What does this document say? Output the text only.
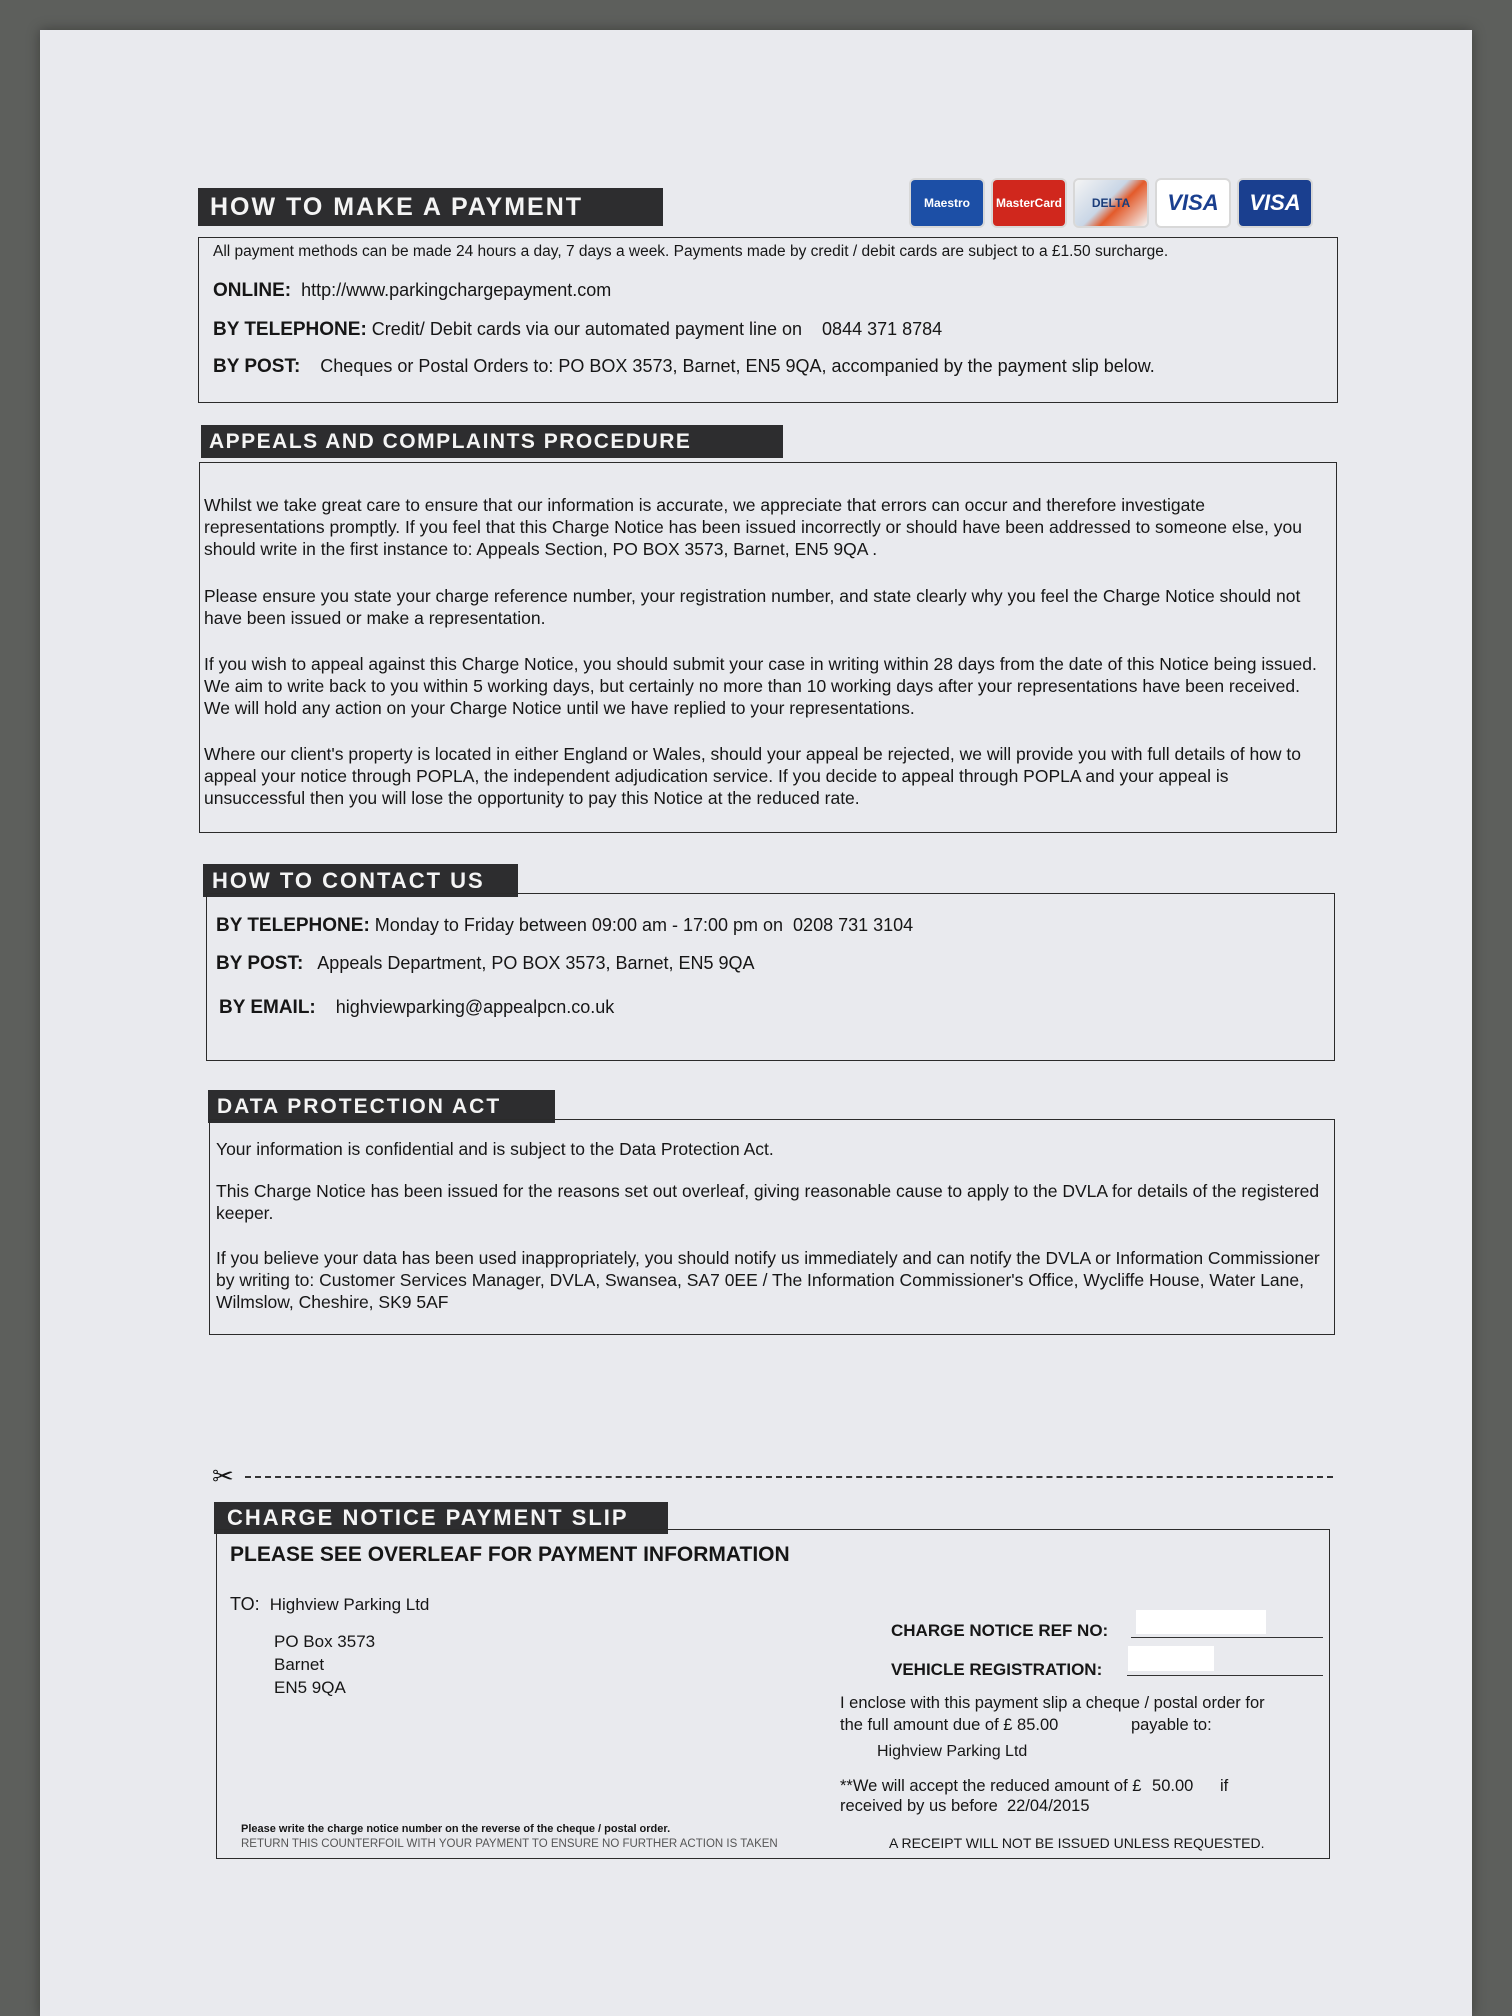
HOW TO MAKE A PAYMENT	Maestro	MasterCard	DELTA	VISA	VISA
All payment methods can be made 24 hours a day, 7 days a week. Payments made by credit / debit cards are subject to a £1.50 surcharge.
ONLINE: http://www.parkingchargepayment.com
BY TELEPHONE: Credit/ Debit cards via our automated payment line on 0844 371 8784
BY POST: Cheques or Postal Orders to: PO BOX 3573, Barnet, EN5 9QA, accompanied by the payment slip below.
APPEALS AND COMPLAINTS PROCEDURE

Whilst we take great care to ensure that our information is accurate, we appreciate that errors can occur and therefore investigate representations promptly. If you feel that this Charge Notice has been issued incorrectly or should have been addressed to someone else, you should write in the first instance to: Appeals Section, PO BOX 3573, Barnet, EN5 9QA .

Please ensure you state your charge reference number, your registration number, and state clearly why you feel the Charge Notice should not have been issued or make a representation.

If you wish to appeal against this Charge Notice, you should submit your case in writing within 28 days from the date of this Notice being issued. We aim to write back to you within 5 working days, but certainly no more than 10 working days after your representations have been received. We will hold any action on your Charge Notice until we have replied to your representations.

Where our client's property is located in either England or Wales, should your appeal be rejected, we will provide you with full details of how to appeal your notice through POPLA, the independent adjudication service. If you decide to appeal through POPLA and your appeal is unsuccessful then you will lose the opportunity to pay this Notice at the reduced rate.

HOW TO CONTACT US
BY TELEPHONE: Monday to Friday between 09:00 am - 17:00 pm on 0208 731 3104
BY POST: Appeals Department, PO BOX 3573, Barnet, EN5 9QA
BY EMAIL: highviewparking@appealpcn.co.uk
DATA PROTECTION ACT

Your information is confidential and is subject to the Data Protection Act.

This Charge Notice has been issued for the reasons set out overleaf, giving reasonable cause to apply to the DVLA for details of the registered keeper.

If you believe your data has been used inappropriately, you should notify us immediately and can notify the DVLA or Information Commissioner by writing to: Customer Services Manager, DVLA, Swansea, SA7 0EE / The Information Commissioner's Office, Wycliffe House, Water Lane, Wilmslow, Cheshire, SK9 5AF

✂
CHARGE NOTICE PAYMENT SLIP
PLEASE SEE OVERLEAF FOR PAYMENT INFORMATION
TO: Highview Parking Ltd
PO Box 3573
Barnet
EN5 9QA
CHARGE NOTICE REF NO:
VEHICLE REGISTRATION:
I enclose with this payment slip a cheque / postal order for
the full amount due of £ 85.00	payable to:
Highview Parking Ltd
**We will accept the reduced amount of £ 50.00 if
received by us before 22/04/2015
Please write the charge notice number on the reverse of the cheque / postal order.
RETURN THIS COUNTERFOIL WITH YOUR PAYMENT TO ENSURE NO FURTHER ACTION IS TAKEN	A RECEIPT WILL NOT BE ISSUED UNLESS REQUESTED.
